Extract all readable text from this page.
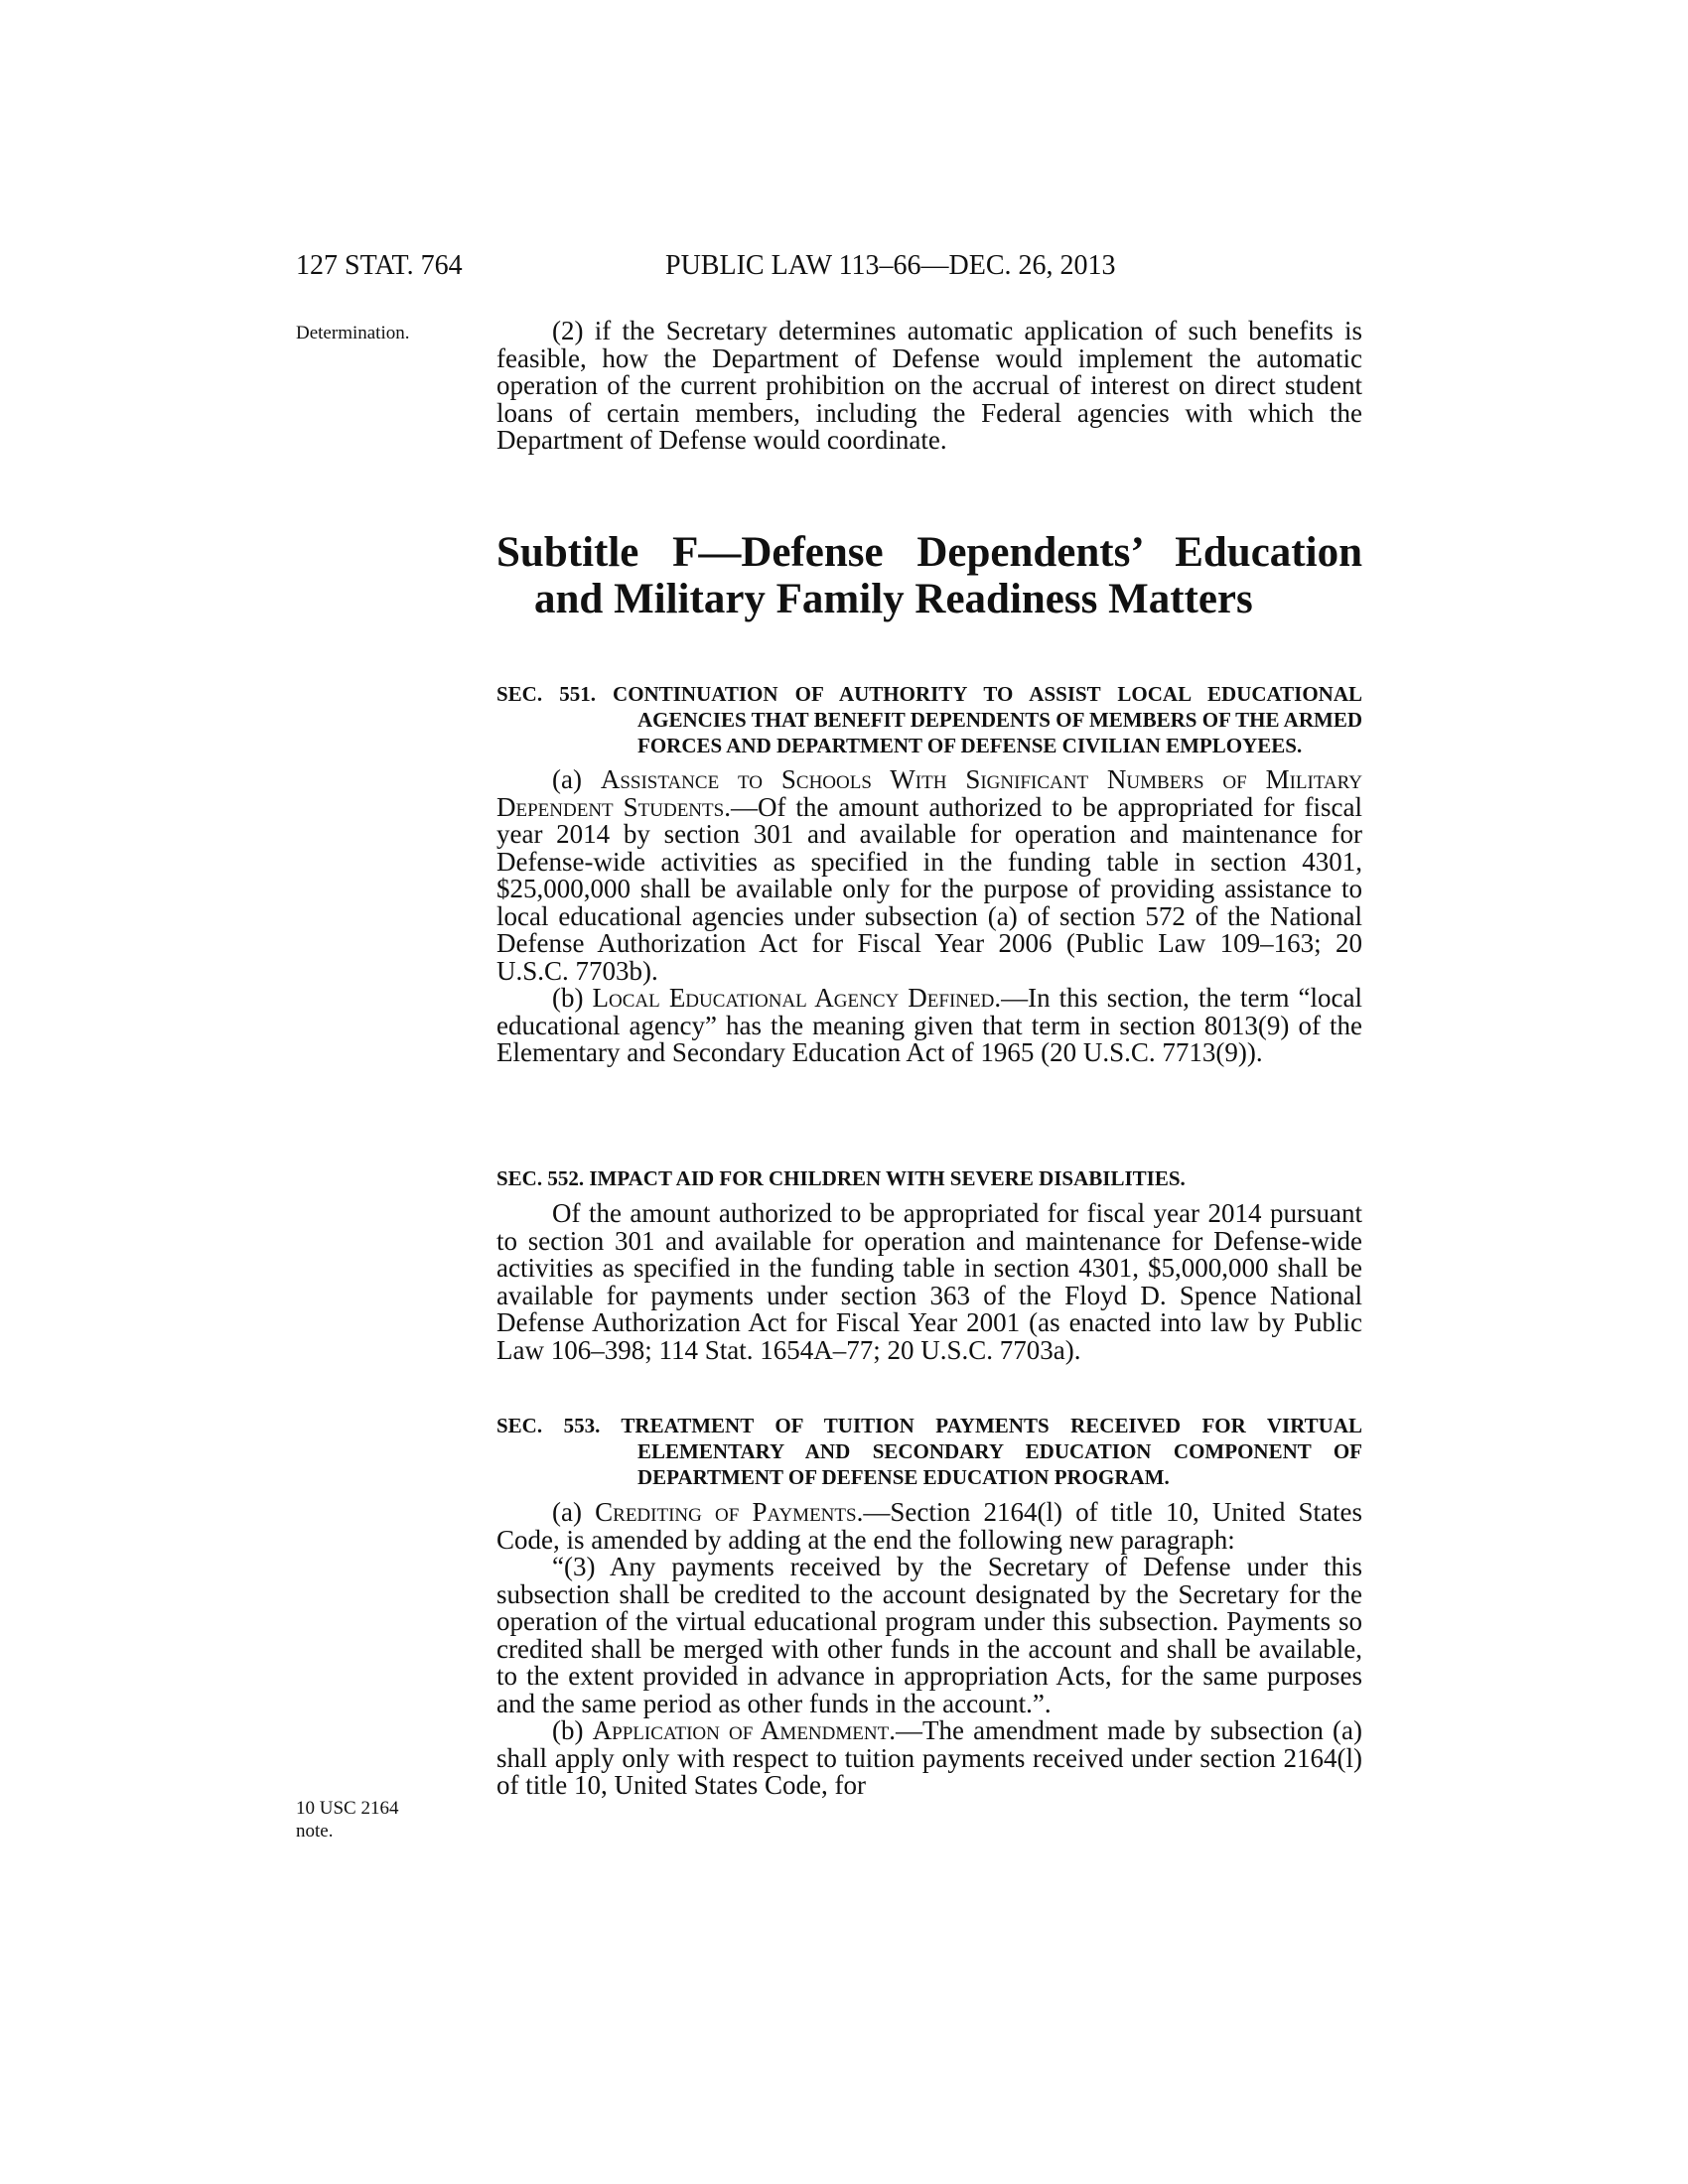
127 STAT. 764	PUBLIC LAW 113–66—DEC. 26, 2013
Determination.	(2) if the Secretary determines automatic application of such benefits is feasible, how the Department of Defense would implement the automatic operation of the current prohibition on the accrual of interest on direct student loans of certain members, including the Federal agencies with which the Department of Defense would coordinate.

Subtitle F—Defense Dependents’ Education and Military Family Readiness Matters
SEC. 551. CONTINUATION OF AUTHORITY TO ASSIST LOCAL EDUCATIONAL AGENCIES THAT BENEFIT DEPENDENTS OF MEMBERS OF THE ARMED FORCES AND DEPARTMENT OF DEFENSE CIVILIAN EMPLOYEES.

(a) Assistance to Schools With Significant Numbers of Military Dependent Students.—Of the amount authorized to be appropriated for fiscal year 2014 by section 301 and available for operation and maintenance for Defense-wide activities as specified in the funding table in section 4301, $25,000,000 shall be available only for the purpose of providing assistance to local educational agencies under subsection (a) of section 572 of the National Defense Authorization Act for Fiscal Year 2006 (Public Law 109–163; 20 U.S.C. 7703b).

(b) Local Educational Agency Defined.—In this section, the term “local educational agency” has the meaning given that term in section 8013(9) of the Elementary and Secondary Education Act of 1965 (20 U.S.C. 7713(9)).

SEC. 552. IMPACT AID FOR CHILDREN WITH SEVERE DISABILITIES.

Of the amount authorized to be appropriated for fiscal year 2014 pursuant to section 301 and available for operation and maintenance for Defense-wide activities as specified in the funding table in section 4301, $5,000,000 shall be available for payments under section 363 of the Floyd D. Spence National Defense Authorization Act for Fiscal Year 2001 (as enacted into law by Public Law 106–398; 114 Stat. 1654A–77; 20 U.S.C. 7703a).

SEC. 553. TREATMENT OF TUITION PAYMENTS RECEIVED FOR VIRTUAL ELEMENTARY AND SECONDARY EDUCATION COMPONENT OF DEPARTMENT OF DEFENSE EDUCATION PROGRAM.

(a) Crediting of Payments.—Section 2164(l) of title 10, United States Code, is amended by adding at the end the following new paragraph:

“(3) Any payments received by the Secretary of Defense under this subsection shall be credited to the account designated by the Secretary for the operation of the virtual educational program under this subsection. Payments so credited shall be merged with other funds in the account and shall be available, to the extent provided in advance in appropriation Acts, for the same purposes and the same period as other funds in the account.”.

(b) Application of Amendment.—The amendment made by subsection (a) shall apply only with respect to tuition payments received under section 2164(l) of title 10, United States Code, for

10 USC 2164
note.
